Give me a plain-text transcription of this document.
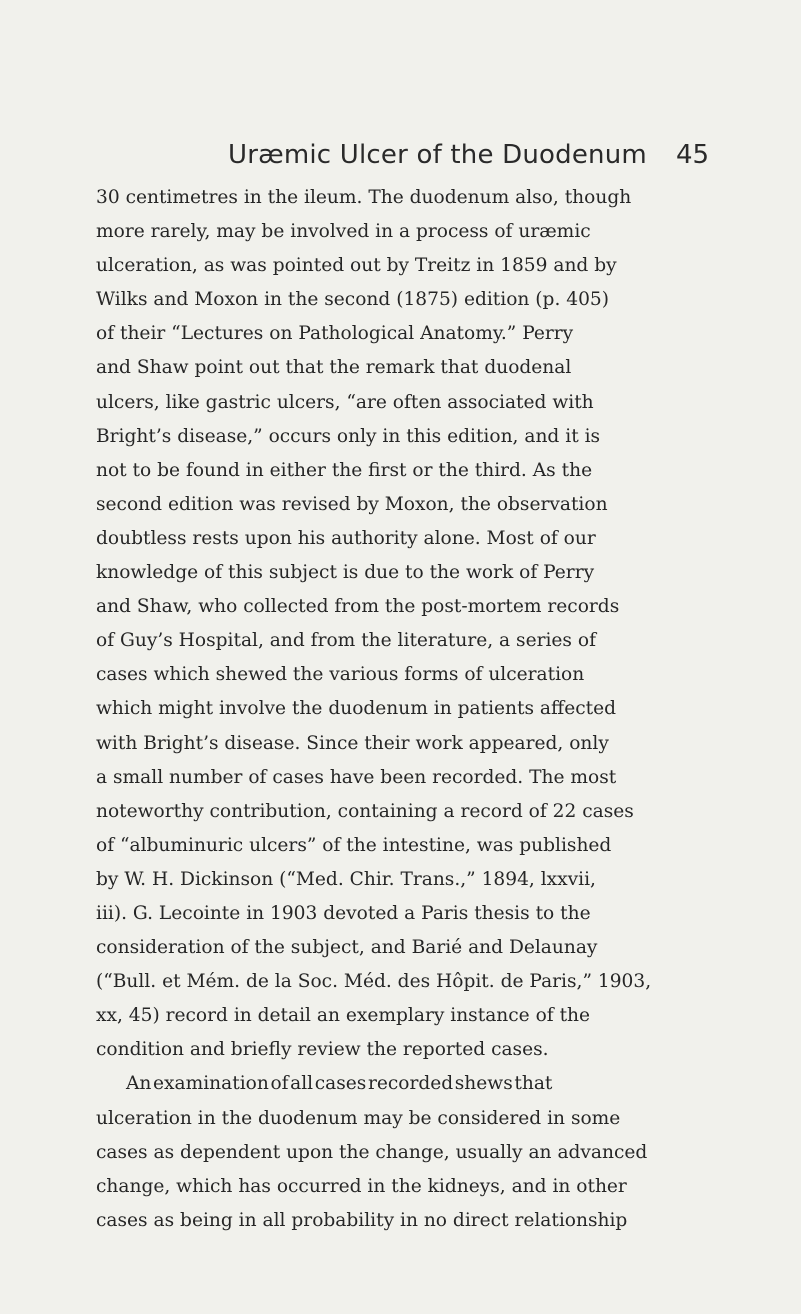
Uræmic Ulcer of the Duodenum 45
30 centimetres in the ileum. The duodenum also, though
more rarely, may be involved in a process of uræmic
ulceration, as was pointed out by Treitz in 1859 and by
Wilks and Moxon in the second (1875) edition (p. 405)
of their “Lectures on Pathological Anatomy.” Perry
and Shaw point out that the remark that duodenal
ulcers, like gastric ulcers, “are often associated with
Bright’s disease,” occurs only in this edition, and it is
not to be found in either the first or the third. As the
second edition was revised by Moxon, the observation
doubtless rests upon his authority alone. Most of our
knowledge of this subject is due to the work of Perry
and Shaw, who collected from the post-mortem records
of Guy’s Hospital, and from the literature, a series of
cases which shewed the various forms of ulceration
which might involve the duodenum in patients affected
with Bright’s disease. Since their work appeared, only
a small number of cases have been recorded. The most
noteworthy contribution, containing a record of 22 cases
of “albuminuric ulcers” of the intestine, was published
by W. H. Dickinson (“Med. Chir. Trans.,” 1894, lxxvii,
iii). G. Lecointe in 1903 devoted a Paris thesis to the
consideration of the subject, and Barié and Delaunay
(“Bull. et Mém. de la Soc. Méd. des Hôpit. de Paris,” 1903,
xx, 45) record in detail an exemplary instance of the
condition and briefly review the reported cases.
An examination of all cases recorded shews that
ulceration in the duodenum may be considered in some
cases as dependent upon the change, usually an advanced
change, which has occurred in the kidneys, and in other
cases as being in all probability in no direct relationship
